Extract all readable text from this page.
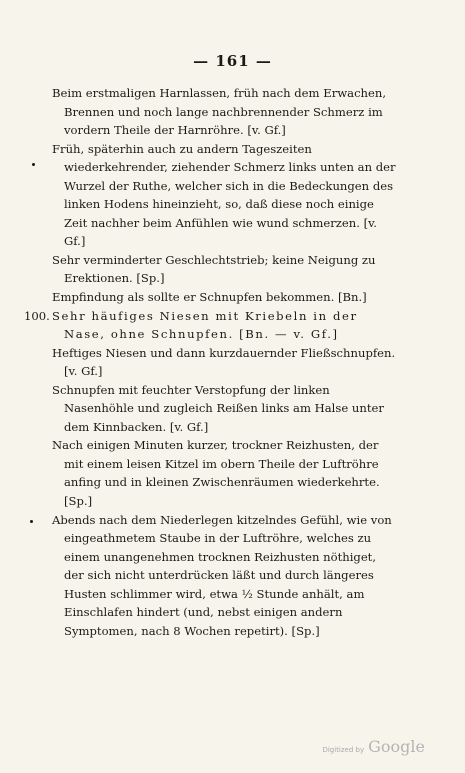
— 161 —

Beim erstmaligen Harnlassen, früh nach dem Erwachen, Brennen und noch lange nachbrennender Schmerz im vordern Theile der Harnröhre. [v. Gf.]

Früh, späterhin auch zu andern Tageszeiten wiederkehrender, ziehender Schmerz links unten an der Wurzel der Ruthe, welcher sich in die Bedeckungen des linken Hodens hineinzieht, so, daß diese noch einige Zeit nachher beim Anfühlen wie wund schmerzen. [v. Gf.]

Sehr verminderter Geschlechtstrieb; keine Neigung zu Erektionen. [Sp.]

Empfindung als sollte er Schnupfen bekommen. [Bn.]

100. Sehr häufiges Niesen mit Kriebeln in der Nase, ohne Schnupfen. [Bn. — v. Gf.]

Heftiges Niesen und dann kurzdauernder Fließschnupfen. [v. Gf.]

Schnupfen mit feuchter Verstopfung der linken Nasenhöhle und zugleich Reißen links am Halse unter dem Kinnbacken. [v. Gf.]

Nach einigen Minuten kurzer, trockner Reizhusten, der mit einem leisen Kitzel im obern Theile der Luftröhre anfing und in kleinen Zwischenräumen wiederkehrte. [Sp.]

Abends nach dem Niederlegen kitzelndes Gefühl, wie von eingeathmetem Staube in der Luftröhre, welches zu einem unangenehmen trocknen Reizhusten nöthiget, der sich nicht unterdrücken läßt und durch längeres Husten schlimmer wird, etwa ½ Stunde anhält, am Einschlafen hindert (und, nebst einigen andern Symptomen, nach 8 Wochen repetirt). [Sp.]

Digitized by Google
